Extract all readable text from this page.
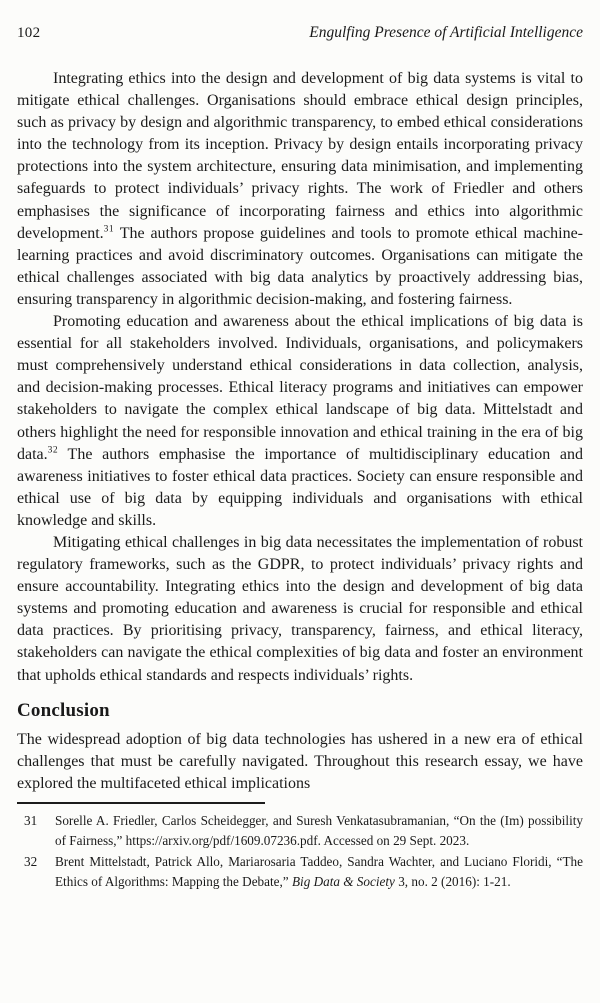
102	Engulfing Presence of Artificial Intelligence

Integrating ethics into the design and development of big data systems is vital to mitigate ethical challenges. Organisations should embrace ethical design principles, such as privacy by design and algorithmic transparency, to embed ethical considerations into the technology from its inception. Privacy by design entails incorporating privacy protections into the system architecture, ensuring data minimisation, and implementing safeguards to protect individuals’ privacy rights. The work of Friedler and others emphasises the significance of incorporating fairness and ethics into algorithmic development.$^{31}$ The authors propose guidelines and tools to promote ethical machine-learning practices and avoid discriminatory outcomes. Organisations can mitigate the ethical challenges associated with big data analytics by proactively addressing bias, ensuring transparency in algorithmic decision-making, and fostering fairness.

Promoting education and awareness about the ethical implications of big data is essential for all stakeholders involved. Individuals, organisations, and policymakers must comprehensively understand ethical considerations in data collection, analysis, and decision-making processes. Ethical literacy programs and initiatives can empower stakeholders to navigate the complex ethical landscape of big data. Mittelstadt and others highlight the need for responsible innovation and ethical training in the era of big data.$^{32}$ The authors emphasise the importance of multidisciplinary education and awareness initiatives to foster ethical data practices. Society can ensure responsible and ethical use of big data by equipping individuals and organisations with ethical knowledge and skills.

Mitigating ethical challenges in big data necessitates the implementation of robust regulatory frameworks, such as the GDPR, to protect individuals’ privacy rights and ensure accountability. Integrating ethics into the design and development of big data systems and promoting education and awareness is crucial for responsible and ethical data practices. By prioritising privacy, transparency, fairness, and ethical literacy, stakeholders can navigate the ethical complexities of big data and foster an environment that upholds ethical standards and respects individuals’ rights.

Conclusion

The widespread adoption of big data technologies has ushered in a new era of ethical challenges that must be carefully navigated. Throughout this research essay, we have explored the multifaceted ethical implications

31	Sorelle A. Friedler, Carlos Scheidegger, and Suresh Venkatasubramanian, “On the (Im) possibility of Fairness,” https://arxiv.org/pdf/1609.07236.pdf. Accessed on 29 Sept. 2023.
32	Brent Mittelstadt, Patrick Allo, Mariarosaria Taddeo, Sandra Wachter, and Luciano Floridi, “The Ethics of Algorithms: Mapping the Debate,” Big Data & Society 3, no. 2 (2016): 1-21.
